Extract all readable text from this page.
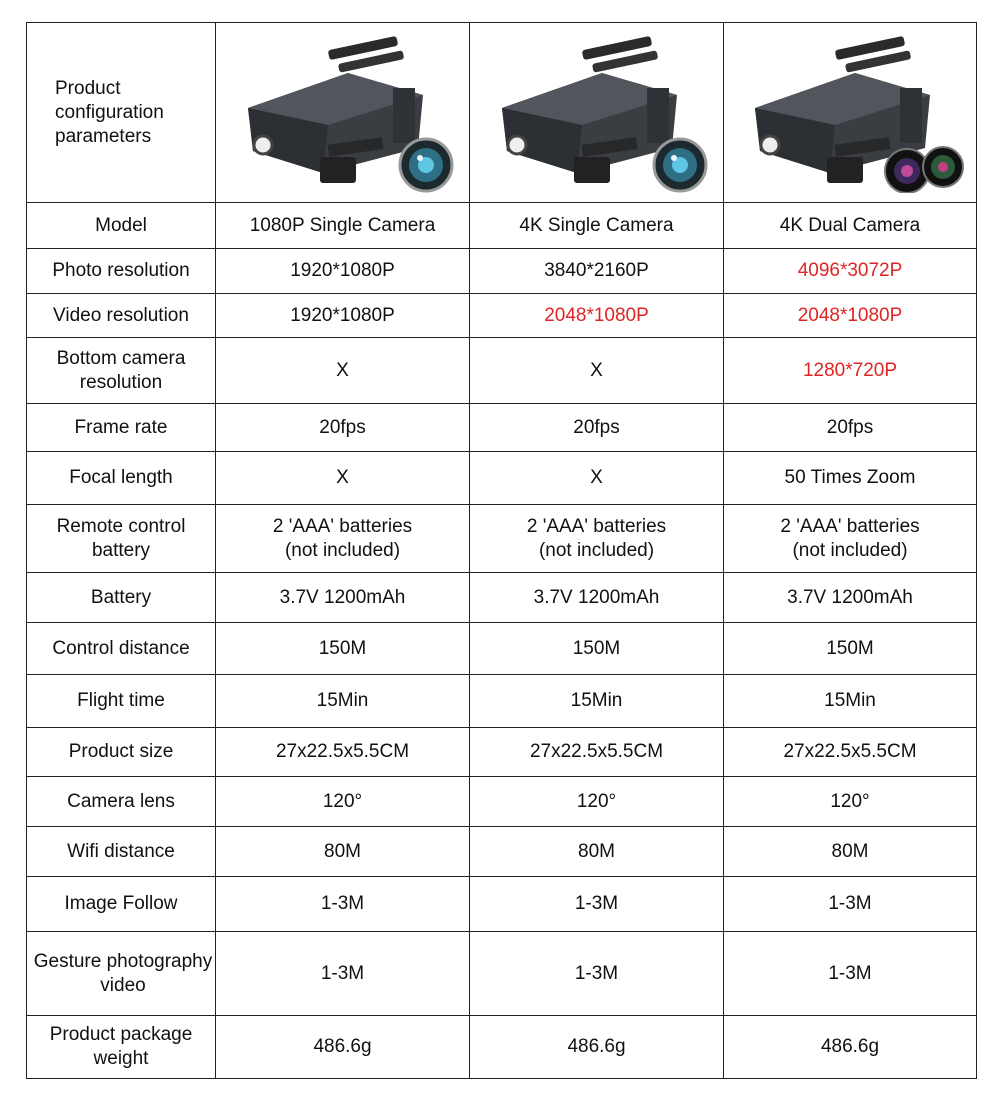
Product configuration parameters	

Model	1080P Single Camera	4K Single Camera	4K Dual Camera
Photo resolution	1920*1080P	3840*2160P	4096*3072P
Video resolution	1920*1080P	2048*1080P	2048*1080P
Bottom camera resolution	X	X	1280*720P
Frame rate	20fps	20fps	20fps
Focal length	X	X	50 Times Zoom
Remote control battery	2 'AAA' batteries (not included)	2 'AAA' batteries (not included)	2 'AAA' batteries (not included)
Battery	3.7V 1200mAh	3.7V 1200mAh	3.7V 1200mAh
Control distance	150M	150M	150M
Flight time	15Min	15Min	15Min
Product size	27x22.5x5.5CM	27x22.5x5.5CM	27x22.5x5.5CM
Camera lens	120°	120°	120°
Wifi distance	80M	80M	80M
Image Follow	1-3M	1-3M	1-3M
Gesture photography video	1-3M	1-3M	1-3M
Product package weight	486.6g	486.6g	486.6g
